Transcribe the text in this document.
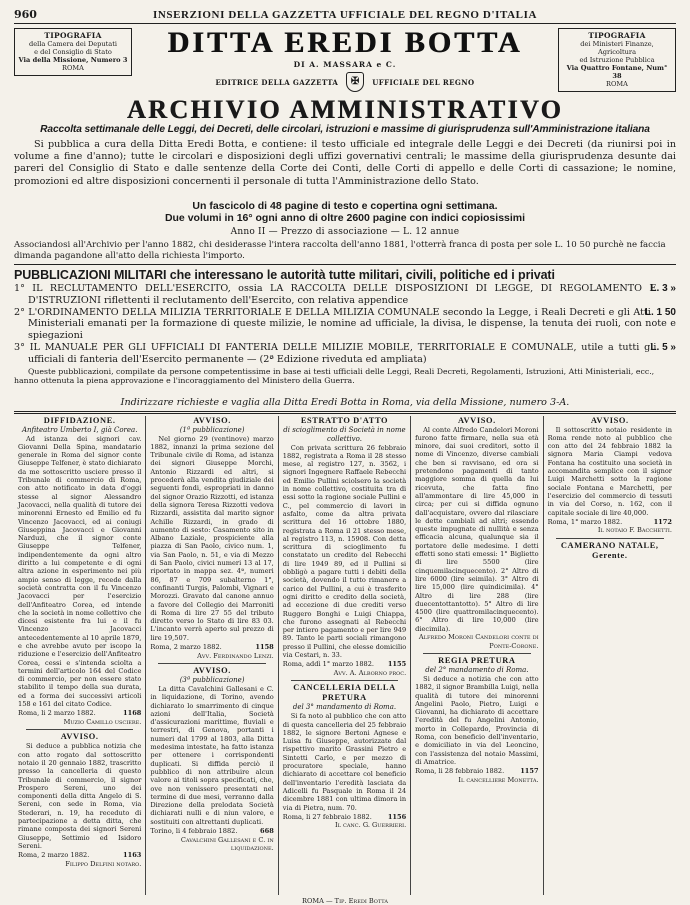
960	INSERZIONI DELLA GAZZETTA UFFICIALE DEL REGNO D'ITALIA
TIPOGRAFIA
della Camera dei Deputati
e del Consiglio di Stato
Via della Missione, Numero 3
ROMA
DITTA EREDI BOTTA
DI A. MASSARA e C.
EDITRICE DELLA GAZZETTA	✠	UFFICIALE DEL REGNO
TIPOGRAFIA
dei Ministeri Finanze, Agricoltura
ed Istruzione Pubblica
Via Quattro Fontane, Num° 38
ROMA
ARCHIVIO AMMINISTRATIVO
Raccolta settimanale delle Leggi, dei Decreti, delle circolari, istruzioni e massime di giurisprudenza sull'Amministrazione italiana
Si pubblica a cura della Ditta Eredi Botta, e contiene: il testo ufficiale ed integrale delle Leggi e dei Decreti (da riunirsi poi in volume a fine d'anno); tutte le circolari e disposizioni degli uffizi governativi centrali; le massime della giurisprudenza desunte dai pareri del Consiglio di Stato e dalle sentenze della Corte dei Conti, delle Corti di appello e delle Corti di cassazione; le nomine, promozioni ed altre disposizioni concernenti il personale di tutta l'Amministrazione dello Stato.
Un fascicolo di 48 pagine di testo e copertina ogni settimana.
Due volumi in 16° ogni anno di oltre 2600 pagine con indici copiosissimi
Anno II — Prezzo di associazione — L. 12 annue
Associandosi all'Archivio per l'anno 1882, chi desiderasse l'intera raccolta dell'anno 1881, l'otterrà franca di posta per sole L. 10 50 purchè ne faccia dimanda pagandone all'atto della richiesta l'importo.
PUBBLICAZIONI MILITARI che interessano le autorità tutte militari, civili, politiche ed i privati
L. 3 »
1° IL RECLUTAMENTO DELL'ESERCITO, ossia LA RACCOLTA DELLE DISPOSIZIONI DI LEGGE, DI REGOLAMENTO E D'ISTRUZIONI riflettenti il reclutamento dell'Esercito, con relativa appendice
L. 1 50
2° L'ORDINAMENTO DELLA MILIZIA TERRITORIALE E DELLA MILIZIA COMUNALE secondo la Legge, i Reali Decreti e gli Atti Ministeriali emanati per la formazione di queste milizie, le nomine ad ufficiale, la divisa, le dispense, la tenuta dei ruoli, con note e spiegazioni
L. 5 »
3° IL MANUALE PER GLI UFFICIALI DI FANTERIA DELLE MILIZIE MOBILE, TERRITORIALE E COMUNALE, utile a tutti gli ufficiali di fanteria dell'Esercito permanente — (2ª Edizione riveduta ed ampliata)
Queste pubblicazioni, compilate da persone competentissime in base ai testi ufficiali delle Leggi, Reali Decreti, Regolamenti, Istruzioni, Atti Ministeriali, ecc., hanno ottenuta la piena approvazione e l'incoraggiamento del Ministero della Guerra.
Indirizzare richieste e vaglia alla Ditta Eredi Botta in Roma, via della Missione, numero 3-A.
DIFFIDAZIONE.
Anfiteatro Umberto I, già Corea.
Ad istanza dei signori cav. Giovanni Della Spina, mandatario generale in Roma del signor conte Giuseppe Telfener, è stato dichiarato da me sottoscritto usciere presso il Tribunale di commercio di Roma, con atto notificato in data d'oggi stesse al signor Alessandro Jacovacci, nella qualità di tutore dei minorenni Ernesto ed Emilio ed fu Vincenzo Jacovacci, ed ai coniugi Giuseppina Jacovacci e Giovanni Narduzi, che il signor conte Giuseppe Telfener, indipendentemente da ogni altro diritto a lui competente e di ogni altra azione in esperimento nei più ampio senso di legge, recede dalla società contratta con il fu Vincenzo Jacovacci per l'esercizio dell'Anfiteatro Corea, ed intende che la società in nome collettivo che dicesi esistente fra lui e il fu Vincenzo Jacovacci antecedentemente al 10 aprile 1879, e che avrebbe avuto per iscopo la riduzione e l'esercizio dell'Anfiteatro Corea, cessi e s'intenda sciolta a termini dell'articolo 164 del Codice di commercio, per non essere stato stabilito il tempo della sua durata, ed a forma dei successivi articoli 158 e 161 del citato Codice.
Roma, li 2 marzo 1882.	1168
Muzio Camillo usciere.
AVVISO.
Si deduce a pubblica notizia che con atto rogato dal sottoscritto notaio il 20 gennaio 1882, trascritto presso la cancelleria di questo Tribunale di commercio, il signor Prospero Sereni, uno dei componenti della ditta Angelo di S. Sereni, con sede in Roma, via Stederari, n. 19, ha receduto di partecipazione a detta ditta, che rimane composta dei signori Sereni Giuseppe, Settimio ed Isidoro Sereni.
Roma, 2 marzo 1882.	1163
Filippo Delfini notaro.
AVVISO.
(1ª pubblicazione)
Nel giorno 29 (ventinove) marzo 1882, innanzi la prima sezione del Tribunale civile di Roma, ad istanza dei signori Giuseppe Morchi, Antonio Rizzardi ed altri, si procederà alla vendita giudiziale dei seguenti fondi, espropriati in danno del signor Orazio Rizzotti, ed istanza della signora Teresa Rizzotti vedova Rizzardi, assistita dal marito signor Achille Rizzardi, in grado di aumento di sesto: Casamento sito in Albano Laziale, prospiciente alla piazza di San Paolo, civico num. 1, via San Paolo, n. 51, e via di Mezzo di San Paolo, civici numeri 13 al 17, riportato in mappa sez. 4ª, numeri 86, 87 e 709 subalterno 1°, confinanti Turgis, Palombi, Vignari e Morozzi. Gravato dal canone annuo a favore del Collegio dei Marronitì di Roma di lire 27 55 del tributo diretto verso lo Stato di lire 83 03. L'incanto verrà aperto sul prezzo di lire 19,507.
Roma, 2 marzo 1882.	1158
Avv. Ferdinando Lenzi.
AVVISO.
(3ª pubblicazione)
La ditta Cavalchini Gallesani e C. in liquidazione, di Torino, avendo dichiarato lo smarrimento di cinque azioni dell'Italia, Società d'assicurazioni marittime, fluviali e terrestri, di Genova, portanti i numeri dal 1799 al 1803, alla Ditta medesima intestate, ha fatto istanza per ottenere i corrispondenti duplicati. Si diffida perciò il pubblico di non attribuire alcun valore ai titoli sopra specificati, che, ove non venissero presentati nel termine di due mesi, verranno dalla Direzione della prelodata Società dichiarati nulli e di niun valore, e sostituiti con altrettanti duplicati.
Torino, li 4 febbraio 1882.	668
Cavalchini Gallesani e C. in liquidazione.
ESTRATTO D'ATTO
di scioglimento di Società in nome collettivo.
Con privata scrittura 26 febbraio 1882, registrata a Roma il 28 stesso mese, al registro 127, n. 3562, i signori Ingegnere Raffaele Rebecchi ed Emilio Pullini sciolsero la società in nome collettivo, costituita tra di essi sotto la ragione sociale Pullini e C., pel commercio di lavori in asfalto, come da altra privata scrittura del 16 ottobre 1880, registrata a Roma il 21 stesso mese, al registro 113, n. 15908. Con detta scrittura di scioglimento fu constatato un credito del Rebecchi di lire 1949 89, ed il Pullini si obbligò a pagare tutti i debiti della società, dovendo il tutto rimanere a carico del Pullini, a cui è trasferito ogni diritto e credito della società, ad eccezione di due crediti verso Ruggero Bonghi e Luigi Chiappa, che furono assegnati al Rebecchi per intiero pagamento e per lire 949 89. Tanto le parti sociali rimangono presso il Pullini, che elesse domicilio via Cestari, n. 33.
Roma, addì 1° marzo 1882. 1155
Avv. A. Alborno proc.
CANCELLERIA DELLA PRETURA
del 3° mandamento di Roma.
Si fa noto al pubblico che con atto di questa cancelleria del 25 febbraio 1882, le signore Bertoni Agnese e Luisa fu Giuseppe, autorizzate dal rispettivo marito Grassini Pietro e Sintetti Carlo, e per mezzo di procuratore speciale, hanno dichiarato di accettare col beneficio dell'inventario l'eredità lasciata da Adicelli fu Pasquale in Roma il 24 dicembre 1881 con ultima dimora in via di Pietra, num. 70.
Roma, li 27 febbraio 1882. 1156
Il canc. G. Guerrieri.
AVVISO.
Al conte Alfredo Candelori Moroni furono fatte firmare, nella sua età minore, dai suoi creditori, sotto il nome di Vincenzo, diverse cambiali che ben si ravvisano, ed ora si pretendono pagamenti di tanto maggiore somma di quella da lui ricevuta, che fatta fino all'ammontare di lire 45,000 in circa; per cui si diffida ognuno dall'acquistare, ovvero dal rilasciare le dette cambiali ad altri; essendo queste impugnate di nullità e senza efficacia alcuna, qualunque sia il portatore delle medesime. I detti effetti sono stati emessi: 1° Biglietto di lire 5500 (lire cinquemilacinquecento). 2° Altro di lire 6000 (lire seimila). 3° Altro di lire 15,000 (lire quindicimila). 4° Altro di lire 288 (lire duecentottantotto). 5° Altro di lire 4500 (lire quattromilacinquecento). 6° Altro di lire 10,000 (lire diecimila).
Alfredo Moroni Candelori conte di Ponte-Corone.
REGIA PRETURA
del 2° mandamento di Roma.
Si deduce a notizia che con atto 1882, il signor Brambilla Luigi, nella qualità di tutore dei minorenni Angelini Paolo, Pietro, Luigi e Giovanni, ha dichiarato di accettare l'eredità del fu Angelini Antonio, morto in Collepardo, Provincia di Roma, con beneficio dell'inventario, e domiciliato in via del Leoncino, con l'assistenza del notaio Massimi, di Amatrice.
Roma, li 28 febbraio 1882. 1157
Il cancelliere Monetta.
AVVISO.
Il sottoscritto notaio residente in Roma rende noto al pubblico che con atto del 24 febbraio 1882 la signora Maria Ciampi vedova Fontana ha costituito una società in accomandita semplice con il signor Luigi Marchetti sotto la ragione sociale Fontana e Marchetti, per l'esercizio del commercio di tessuti in via del Corso, n. 162, con il capitale sociale di lire 40,000.
Roma, 1° marzo 1882.	1172
Il notaio F. Bacchetti.
CAMERANO NATALE, Gerente.
ROMA — Tip. Eredi Botta
